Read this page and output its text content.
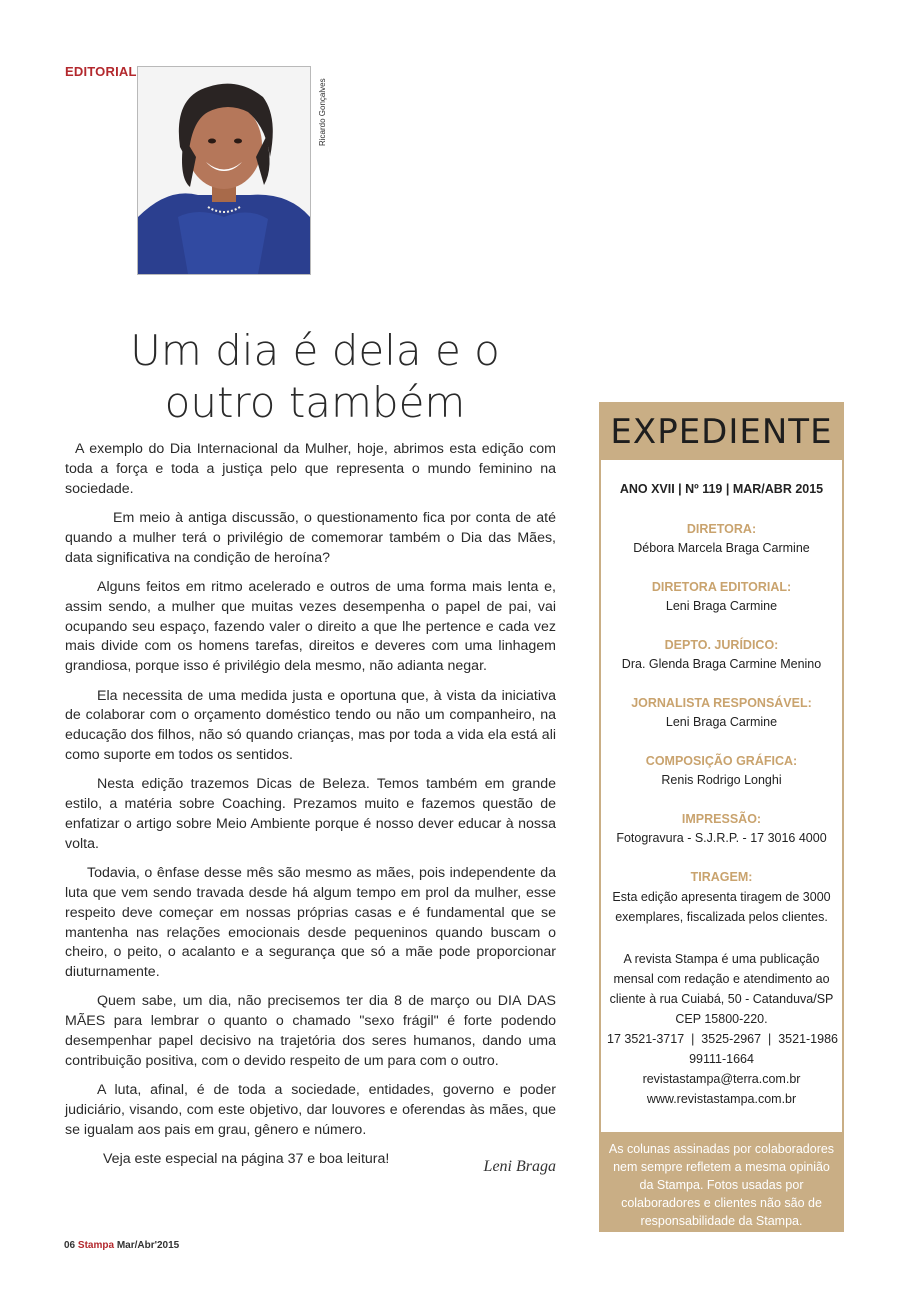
EDITORIAL
Ricardo Gonçalves
Um dia é dela e o outro também

A exemplo do Dia Internacional da Mulher, hoje, abrimos esta edição com toda a força e toda a justiça pelo que representa o mundo feminino na sociedade.

Em meio à antiga discussão, o questionamento fica por conta de até quando a mulher terá o privilégio de comemorar também o Dia das Mães, data significativa na condição de heroína?

Alguns feitos em ritmo acelerado e outros de uma forma mais lenta e, assim sendo, a mulher que muitas vezes desempenha o papel de pai, vai ocupando seu espaço, fazendo valer o direito a que lhe pertence e cada vez mais divide com os homens tarefas, direitos e deveres com uma linhagem grandiosa, porque isso é privilégio dela mesmo, não adianta negar.

Ela necessita de uma medida justa e oportuna que, à vista da iniciativa de colaborar com o orçamento doméstico tendo ou não um companheiro, na educação dos filhos, não só quando crianças, mas por toda a vida ela está ali como suporte em todos os sentidos.

Nesta edição trazemos Dicas de Beleza. Temos também em grande estilo, a matéria sobre Coaching. Prezamos muito e fazemos questão de enfatizar o artigo sobre Meio Ambiente porque é nosso dever educar à nossa volta.

Todavia, o ênfase desse mês são mesmo as mães, pois independente da luta que vem sendo travada desde há algum tempo em prol da mulher, esse respeito deve começar em nossas próprias casas e é fundamental que se mantenha nas relações emocionais desde pequeninos quando buscam o cheiro, o peito, o acalanto e a segurança que só a mãe pode proporcionar diuturnamente.

Quem sabe, um dia, não precisemos ter dia 8 de março ou DIA DAS MÃES para lembrar o quanto o chamado "sexo frágil" é forte podendo desempenhar papel decisivo na trajetória dos seres humanos, dando uma contribuição positiva, com o devido respeito de um para com o outro.

A luta, afinal, é de toda a sociedade, entidades, governo e poder judiciário, visando, com este objetivo, dar louvores e oferendas às mães, que se igualam aos pais em grau, gênero e número.

Veja este especial na página 37 e boa leitura!	Leni Braga
06 Stampa Mar/Abr'2015
EXPEDIENTE
ANO XVII | Nº 119 | MAR/ABR 2015
DIRETORA:
Débora Marcela Braga Carmine
DIRETORA EDITORIAL:
Leni Braga Carmine
DEPTO. JURÍDICO:
Dra. Glenda Braga Carmine Menino
JORNALISTA RESPONSÁVEL:
Leni Braga Carmine
COMPOSIÇÃO GRÁFICA:
Renis Rodrigo Longhi
IMPRESSÃO:
Fotogravura - S.J.R.P. - 17 3016 4000
TIRAGEM:
Esta edição apresenta tiragem de 3000 exemplares, fiscalizada pelos clientes.
A revista Stampa é uma publicação
mensal com redação e atendimento ao
cliente à rua Cuiabá, 50 - Catanduva/SP
CEP 15800-220.
17 3521-3717  |  3525-2967  |  3521-1986
99111-1664
revistastampa@terra.com.br
www.revistastampa.com.br
As colunas assinadas por colaboradores nem sempre refletem a mesma opinião da Stampa. Fotos usadas por colaboradores e clientes não são de responsabilidade da Stampa.
